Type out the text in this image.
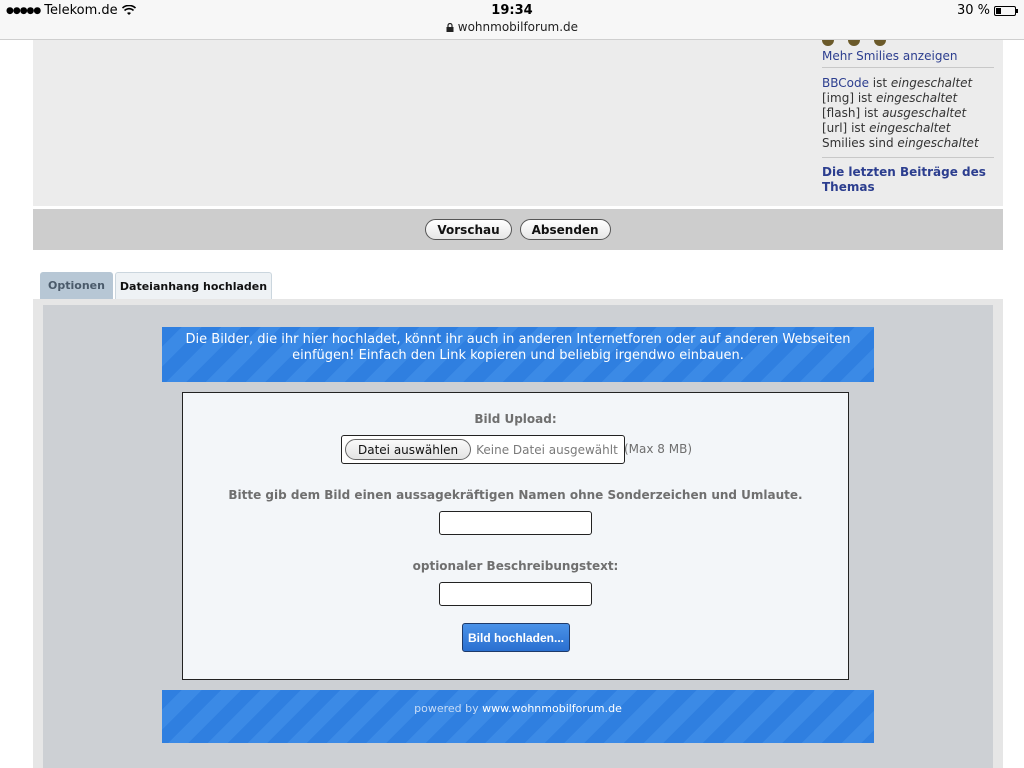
●●●●● Telekom.de	19:34
wohnmobilforum.de
30 %
Mehr Smilies anzeigen
BBCode ist eingeschaltet
[img] ist eingeschaltet
[flash] ist ausgeschaltet
[url] ist eingeschaltet
Smilies sind eingeschaltet
Die letzten Beiträge des Themas
Vorschau	Absenden
Optionen	Dateianhang hochladen
Die Bilder, die ihr hier hochladet, könnt ihr auch in anderen Internetforen oder auf anderen Webseiten einfügen! Einfach den Link kopieren und beliebig irgendwo einbauen.
Bild Upload:
Datei auswählen	Keine Datei ausgewählt (Max 8 MB)
Bitte gib dem Bild einen aussagekräftigen Namen ohne Sonderzeichen und Umlaute.
optionaler Beschreibungstext:
Bild hochladen...
powered by www.wohnmobilforum.de
